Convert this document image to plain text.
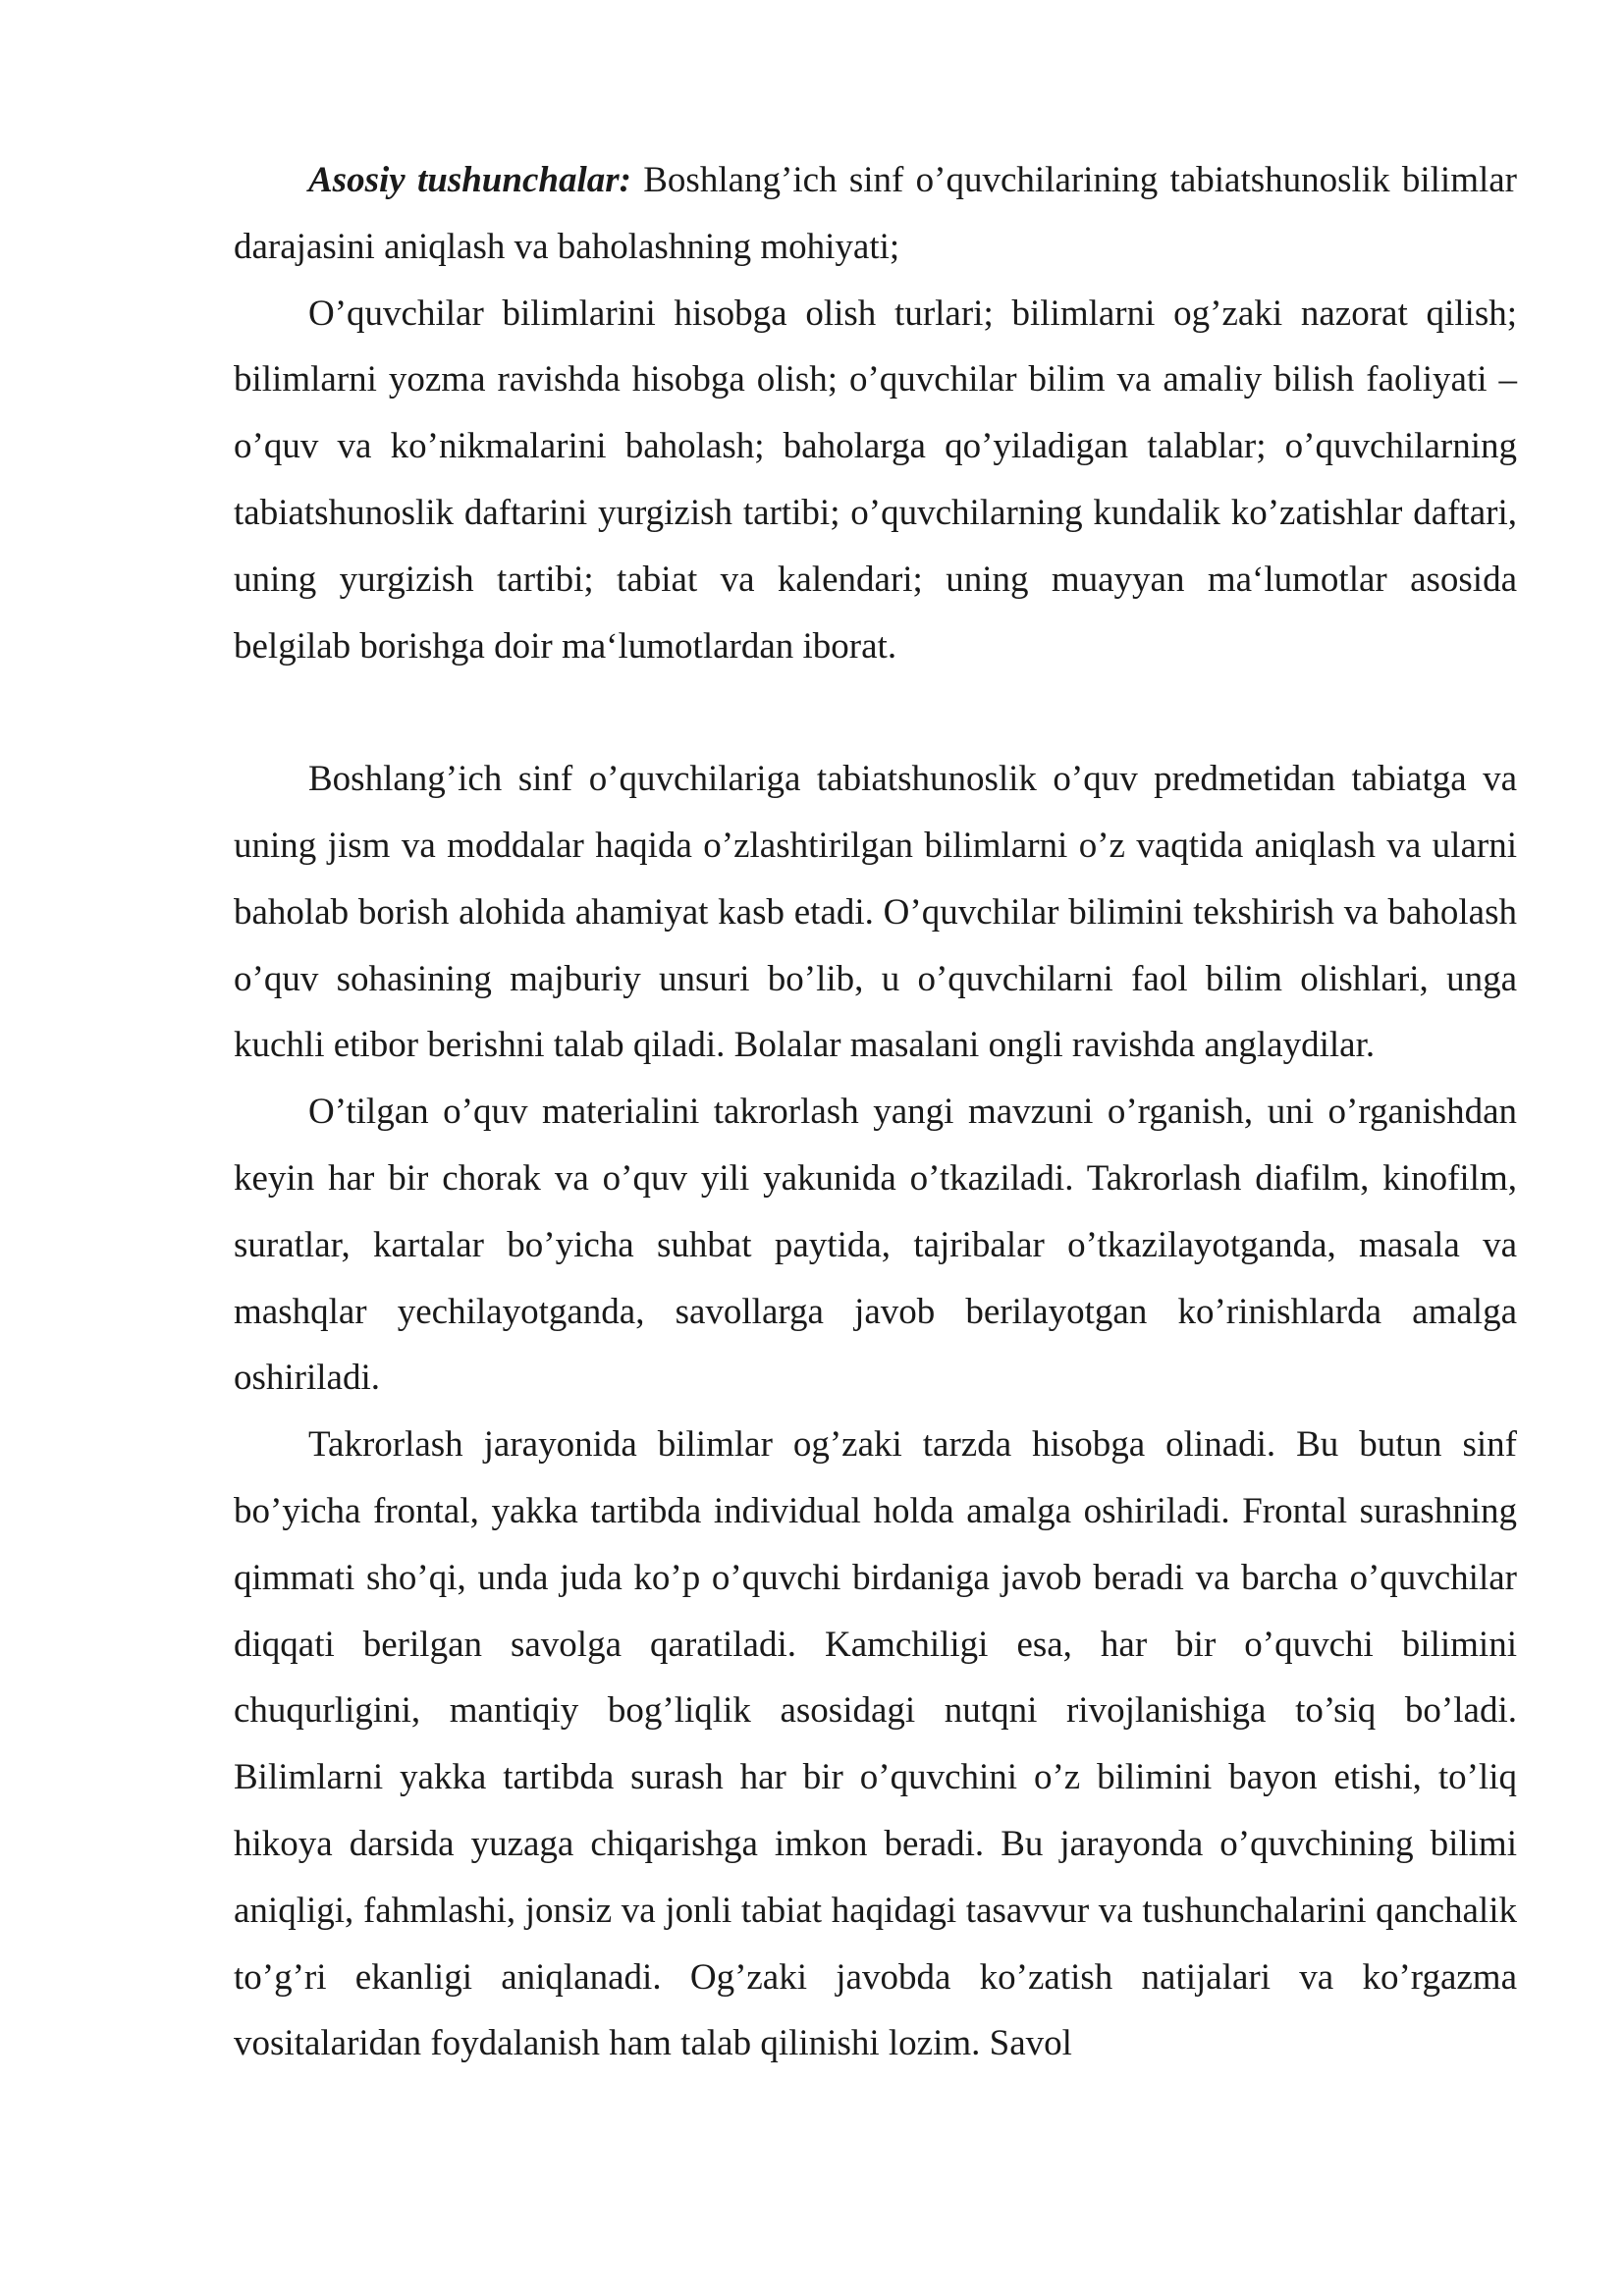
Asosiy tushunchalar: Boshlang’ich sinf o’quvchilarining tabiatshunoslik bilimlar darajasini aniqlash va baholashning mohiyati;

O’quvchilar bilimlarini hisobga olish turlari; bilimlarni og’zaki nazorat qilish; bilimlarni yozma ravishda hisobga olish; o’quvchilar bilim va amaliy bilish faoliyati – o’quv va ko’nikmalarini baholash; baholarga qo’yiladigan talablar; o’quvchilarning tabiatshunoslik daftarini yurgizish tartibi; o’quvchilarning kundalik ko’zatishlar daftari, uning yurgizish tartibi; tabiat va kalendari; uning muayyan ma‘lumotlar asosida belgilab borishga doir ma‘lumotlardan iborat.

Boshlang’ich sinf o’quvchilariga tabiatshunoslik o’quv predmetidan tabiatga va uning jism va moddalar haqida o’zlashtirilgan bilimlarni o’z vaqtida aniqlash va ularni baholab borish alohida ahamiyat kasb etadi. O’quvchilar bilimini tekshirish va baholash o’quv sohasining majburiy unsuri bo’lib, u o’quvchilarni faol bilim olishlari, unga kuchli etibor berishni talab qiladi. Bolalar masalani ongli ravishda anglaydilar.

O’tilgan o’quv materialini takrorlash yangi mavzuni o’rganish, uni o’rganishdan keyin har bir chorak va o’quv yili yakunida o’tkaziladi. Takrorlash diafilm, kinofilm, suratlar, kartalar bo’yicha suhbat paytida, tajribalar o’tkazilayotganda, masala va mashqlar yechilayotganda, savollarga javob berilayotgan ko’rinishlarda amalga oshiriladi.

Takrorlash jarayonida bilimlar og’zaki tarzda hisobga olinadi. Bu butun sinf bo’yicha frontal, yakka tartibda individual holda amalga oshiriladi. Frontal surashning qimmati sho’qi, unda juda ko’p o’quvchi birdaniga javob beradi va barcha o’quvchilar diqqati berilgan savolga qaratiladi. Kamchiligi esa, har bir o’quvchi bilimini chuqurligini, mantiqiy bog’liqlik asosidagi nutqni rivojlanishiga to’siq bo’ladi. Bilimlarni yakka tartibda surash har bir o’quvchini o’z bilimini bayon etishi, to’liq hikoya darsida yuzaga chiqarishga imkon beradi. Bu jarayonda o’quvchining bilimi aniqligi, fahmlashi, jonsiz va jonli tabiat haqidagi tasavvur va tushunchalarini qanchalik to’g’ri ekanligi aniqlanadi. Og’zaki javobda ko’zatish natijalari va ko’rgazma vositalaridan foydalanish ham talab qilinishi lozim. Savol
